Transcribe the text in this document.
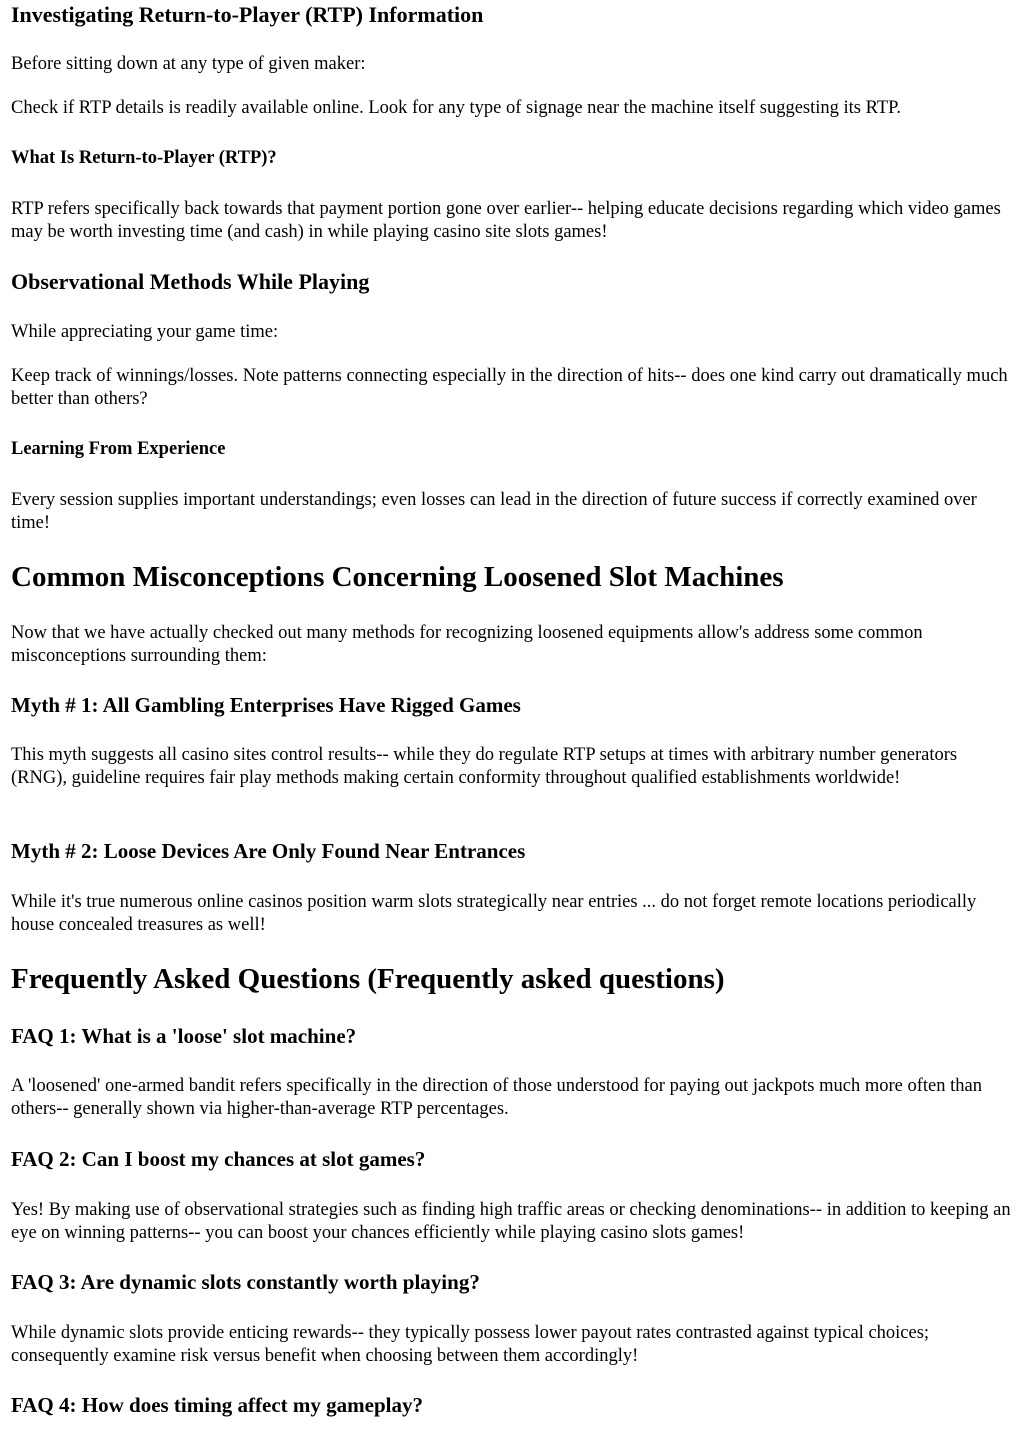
Investigating Return-to-Player (RTP) Information

Before sitting down at any type of given maker:

Check if RTP details is readily available online. Look for any type of signage near the machine itself suggesting its RTP.

What Is Return-to-Player (RTP)?

RTP refers specifically back towards that payment portion gone over earlier-- helping educate decisions regarding which video games may be worth investing time (and cash) in while playing casino site slots games!

Observational Methods While Playing

While appreciating your game time:

Keep track of winnings/losses. Note patterns connecting especially in the direction of hits-- does one kind carry out dramatically much better than others?

Learning From Experience

Every session supplies important understandings; even losses can lead in the direction of future success if correctly examined over time!

Common Misconceptions Concerning Loosened Slot Machines

Now that we have actually checked out many methods for recognizing loosened equipments allow's address some common misconceptions surrounding them:

Myth # 1: All Gambling Enterprises Have Rigged Games

This myth suggests all casino sites control results-- while they do regulate RTP setups at times with arbitrary number generators (RNG), guideline requires fair play methods making certain conformity throughout qualified establishments worldwide!

Myth # 2: Loose Devices Are Only Found Near Entrances

While it's true numerous online casinos position warm slots strategically near entries ... do not forget remote locations periodically house concealed treasures as well!

Frequently Asked Questions (Frequently asked questions)
FAQ 1: What is a 'loose' slot machine?

A 'loosened' one-armed bandit refers specifically in the direction of those understood for paying out jackpots much more often than others-- generally shown via higher-than-average RTP percentages.

FAQ 2: Can I boost my chances at slot games?

Yes! By making use of observational strategies such as finding high traffic areas or checking denominations-- in addition to keeping an eye on winning patterns-- you can boost your chances efficiently while playing casino slots games!

FAQ 3: Are dynamic slots constantly worth playing?

While dynamic slots provide enticing rewards-- they typically possess lower payout rates contrasted against typical choices; consequently examine risk versus benefit when choosing between them accordingly!

FAQ 4: How does timing affect my gameplay?
